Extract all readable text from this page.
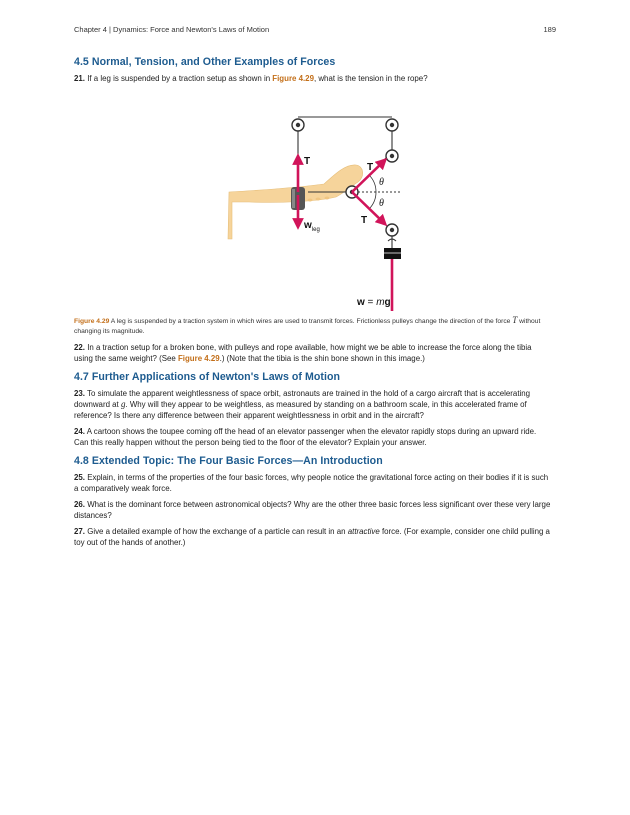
Chapter 4 | Dynamics: Force and Newton's Laws of Motion	189
4.5 Normal, Tension, and Other Examples of Forces

21. If a leg is suspended by a traction setup as shown in Figure 4.29, what is the tension in the rope?

T
T
T
$w_{leg}$
w = mg
θ
θ

Figure 4.29 A leg is suspended by a traction system in which wires are used to transmit forces. Frictionless pulleys change the direction of the force T without changing its magnitude.

22. In a traction setup for a broken bone, with pulleys and rope available, how might we be able to increase the force along the tibia using the same weight? (See Figure 4.29.) (Note that the tibia is the shin bone shown in this image.)

4.7 Further Applications of Newton's Laws of Motion

23. To simulate the apparent weightlessness of space orbit, astronauts are trained in the hold of a cargo aircraft that is accelerating downward at g. Why will they appear to be weightless, as measured by standing on a bathroom scale, in this accelerated frame of reference? Is there any difference between their apparent weightlessness in orbit and in the aircraft?

24. A cartoon shows the toupee coming off the head of an elevator passenger when the elevator rapidly stops during an upward ride. Can this really happen without the person being tied to the floor of the elevator? Explain your answer.

4.8 Extended Topic: The Four Basic Forces—An Introduction

25. Explain, in terms of the properties of the four basic forces, why people notice the gravitational force acting on their bodies if it is such a comparatively weak force.

26. What is the dominant force between astronomical objects? Why are the other three basic forces less significant over these very large distances?

27. Give a detailed example of how the exchange of a particle can result in an attractive force. (For example, consider one child pulling a toy out of the hands of another.)
